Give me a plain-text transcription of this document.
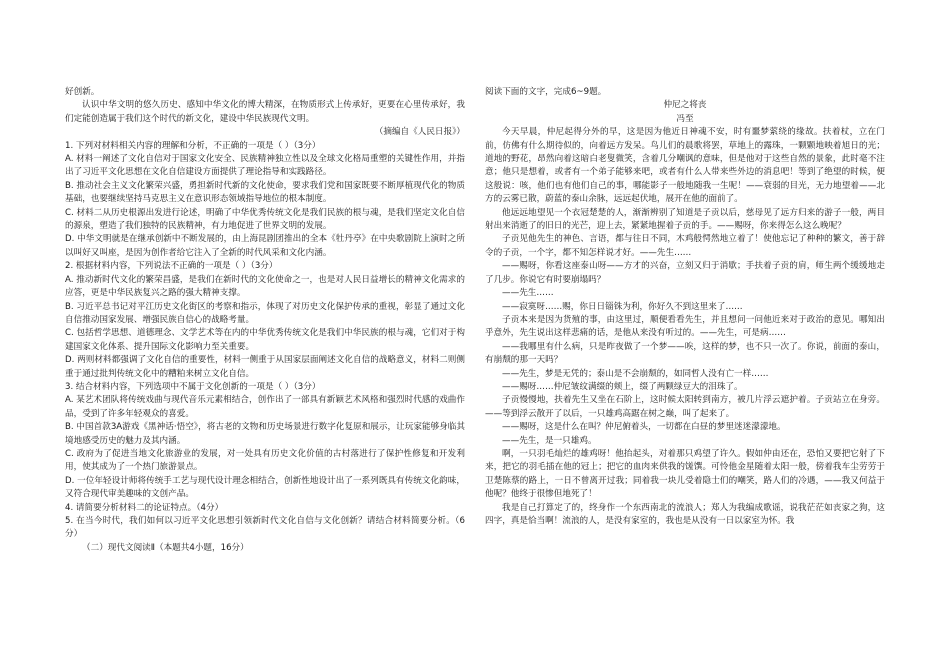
好创新。

认识中华文明的悠久历史、感知中华文化的博大精深，在物质形式上传承好，更要在心里传承好，我们定能创造属于我们这个时代的新文化，建设中华民族现代文明。

（摘编自《人民日报》）

1. 下列对材料相关内容的理解和分析，不正确的一项是（ ）（3分）

A. 材料一阐述了文化自信对于国家文化安全、民族精神独立性以及全球文化格局重塑的关键性作用，并指出了习近平文化思想在文化自信建设方面提供了理论指导和实践路径。

B. 推动社会主义文化繁荣兴盛，勇担新时代新的文化使命，要求我们党和国家既要不断厚植现代化的物质基础，也要继续坚持马克思主义在意识形态领域指导地位的根本制度。

C. 材料二从历史根源出发进行论述，明确了中华优秀传统文化是我们民族的根与魂，是我们坚定文化自信的源泉，塑造了我们独特的民族精神，有力地促进了世界文明的发展。

D. 中华文明就是在继承创新中不断发展的，由上海昆剧团推出的全本《牡丹亭》在中央歌剧院上演时之所以叫好又叫座，是因为创作者给它注入了全新的时代风采和文化内涵。

2. 根据材料内容，下列说法不正确的一项是（ ）（3分）

A. 推动新时代文化的繁荣昌盛，是我们在新时代的文化使命之一，也是对人民日益增长的精神文化需求的应答，更是中华民族复兴之路的强大精神支撑。

B. 习近平总书记对平江历史文化街区的考察和指示，体现了对历史文化保护传承的重视，彰显了通过文化自信推动国家发展、增强民族自信心的战略考量。

C. 包括哲学思想、道德理念、文学艺术等在内的中华优秀传统文化是我们中华民族的根与魂，它们对于构建国家文化体系、提升国际文化影响力至关重要。

D. 两则材料都强调了文化自信的重要性，材料一侧重于从国家层面阐述文化自信的战略意义，材料二则侧重于通过批判传统文化中的糟粕来树立文化自信。

3. 结合材料内容，下列选项中不属于文化创新的一项是（ ）（3分）

A. 某艺术团队将传统戏曲与现代音乐元素相结合，创作出了一部具有新颖艺术风格和强烈时代感的戏曲作品，受到了许多年轻观众的喜爱。

B. 中国首款3A游戏《黑神话·悟空》，将古老的文物和历史场景进行数字化复原和展示，让玩家能够身临其境地感受历史的魅力及其内涵。

C. 政府为了促进当地文化旅游业的发展，对一处具有历史文化价值的古村落进行了保护性修复和开发利用，使其成为了一个热门旅游景点。

D. 一位年轻设计师将传统手工艺与现代设计理念相结合，创新性地设计出了一系列既具有传统文化韵味，又符合现代审美趣味的文创产品。

4. 请简要分析材料二的论证特点。（4分）

5. 在当今时代，我们如何以习近平文化思想引领新时代文化自信与文化创新？请结合材料简要分析。（6分）

（二）现代文阅读Ⅱ（本题共4小题，16分）

阅读下面的文字，完成6~9题。

仲尼之将丧

冯至

今天早晨，仲尼起得分外的早，这是因为他近日神魂不安，时有噩梦萦绕的缘故。扶着杖，立在门前，仿佛有什么期待似的，向着远方发呆。鸟儿们的晨歌将罢，草地上的露珠，一颗颗地映着旭日的光；道地的野花，昂然向着这暗白老叟微笑，含着几分嘲讽的意味，但是他对于这些自然的景象，此时毫不注意；他只是想着，或者有一个弟子能够来吧，或者有什么人带来些外边的消息吧！等到了绝望的时候，便这般说：咳，他们也有他们自己的事，哪能影子一般地随我一生呢！——衰弱的目光，无力地望着——北方的云雾已散，蔚蓝的泰山余脉，远远起伏地，展开在他的面前了。

他远远地望见一个衣冠楚楚的人，渐渐辨别了知道是子贡以后，慈母见了远方归来的游子一般，两目射出来消逝了的旧日的光芒，迎上去，紧紧地握着子贡的手。——赐呀，你来得怎么这么晚呢？

子贡见他先生的神色、言语，都与往日不同，木鸡般愕然地立着了！使他忘记了种种的繁文，善于辞令的子贡，一个字，都不知怎样说才好。——先生……

——赐呀，你看这座泰山呀——方才的兴奋，立刻又归于消歇；手扶着子贡的肩，师生两个缓缓地走了几步。你说它有时要崩塌吗？

——先生……

——寂寞呀……赐，你日日锱铢为利，你好久不到这里来了……

子贡本来是因为货殖的事，由这里过，顺便看看先生，并且想问一问他近来对于政治的意见。哪知出乎意外，先生说出这样悲痛的话，是他从来没有听过的。——先生，可是病……

——我哪里有什么病，只是昨夜做了一个梦——唉，这样的梦，也不只一次了。你说，前面的泰山，有崩颓的那一天吗？

——先生，梦是无凭的；泰山是不会崩颓的，如同哲人没有亡一样……

——赐呀……仲尼皱纹满缀的颊上，缀了两颗绿豆大的泪珠了。

子贡慢慢地，扶着先生又坐在石阶上，这时候太阳转到南方，被几片浮云遮护着。子贡站立在身旁。——等到浮云散开了以后，一只雄鸡高踞在树之巅，叫了起来了。

——赐呀，这是什么在叫？仲尼俯着头，一切都在白昼的梦里迷迷濛濛地。

——先生，是一只雄鸡。

啊，一只羽毛灿烂的雄鸡呀！他抬起头，对着那只鸡望了许久。假如仲由还在，恐怕又要把它射了下来，把它的羽毛插在他的冠上；把它的血肉来供我的馐馔。可怜他金星随着太阳一般，傍着我车尘劳劳于卫楚陈蔡的路上，一日不曾离开过我；同着我一块儿受着隐士们的嘲笑，路人们的冷遇，——我又何益于他呢？他终于很惨但地死了！

我是自己打算定了的，终身作一个东西南北的流浪人；郑人为我编成歌谣，说我茫茫如丧家之狗，这四字，真是恰当啊！流浪的人，是没有家室的，我也是从没有一日以家室为怀。我
